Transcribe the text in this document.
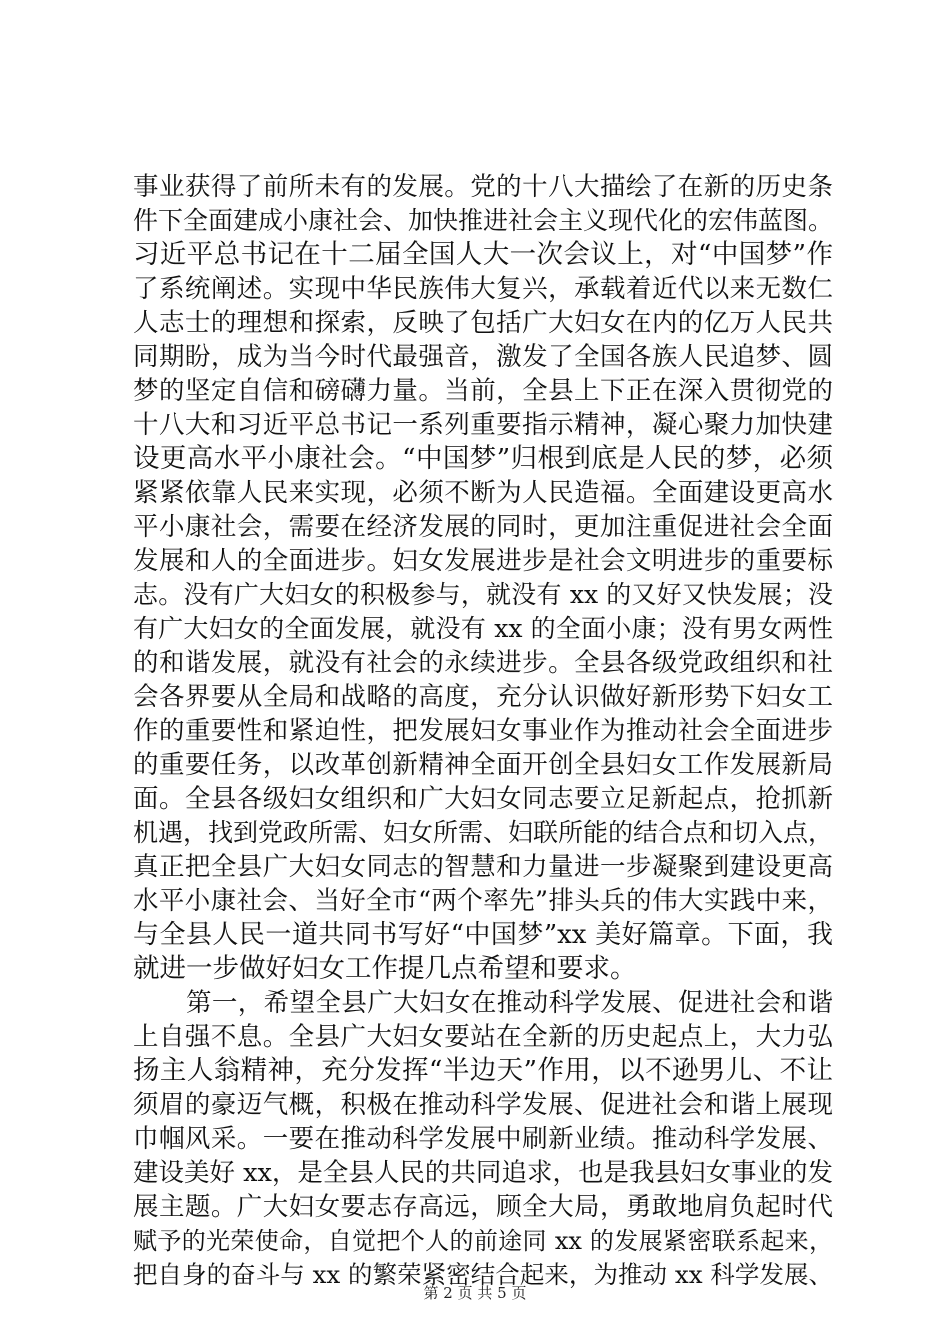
事业获得了前所未有的发展。党的十八大描绘了在新的历史条
件下全面建成小康社会、加快推进社会主义现代化的宏伟蓝图。
习近平总书记在十二届全国人大一次会议上，对“中国梦”作
了系统阐述。实现中华民族伟大复兴，承载着近代以来无数仁
人志士的理想和探索，反映了包括广大妇女在内的亿万人民共
同期盼，成为当今时代最强音，激发了全国各族人民追梦、圆
梦的坚定自信和磅礴力量。当前，全县上下正在深入贯彻党的
十八大和习近平总书记一系列重要指示精神，凝心聚力加快建
设更高水平小康社会。“中国梦”归根到底是人民的梦，必须
紧紧依靠人民来实现，必须不断为人民造福。全面建设更高水
平小康社会，需要在经济发展的同时，更加注重促进社会全面
发展和人的全面进步。妇女发展进步是社会文明进步的重要标
志。没有广大妇女的积极参与，就没有 xx 的又好又快发展；没
有广大妇女的全面发展，就没有 xx 的全面小康；没有男女两性
的和谐发展，就没有社会的永续进步。全县各级党政组织和社
会各界要从全局和战略的高度，充分认识做好新形势下妇女工
作的重要性和紧迫性，把发展妇女事业作为推动社会全面进步
的重要任务，以改革创新精神全面开创全县妇女工作发展新局
面。全县各级妇女组织和广大妇女同志要立足新起点，抢抓新
机遇，找到党政所需、妇女所需、妇联所能的结合点和切入点，
真正把全县广大妇女同志的智慧和力量进一步凝聚到建设更高
水平小康社会、当好全市“两个率先”排头兵的伟大实践中来，
与全县人民一道共同书写好“中国梦”xx 美好篇章。下面，我
就进一步做好妇女工作提几点希望和要求。
第一，希望全县广大妇女在推动科学发展、促进社会和谐
上自强不息。全县广大妇女要站在全新的历史起点上，大力弘
扬主人翁精神，充分发挥“半边天”作用，以不逊男儿、不让
须眉的豪迈气概，积极在推动科学发展、促进社会和谐上展现
巾帼风采。一要在推动科学发展中刷新业绩。推动科学发展、
建设美好 xx，是全县人民的共同追求，也是我县妇女事业的发
展主题。广大妇女要志存高远，顾全大局，勇敢地肩负起时代
赋予的光荣使命，自觉把个人的前途同 xx 的发展紧密联系起来，
把自身的奋斗与 xx 的繁荣紧密结合起来，为推动 xx 科学发展、
第 2 页 共 5 页
